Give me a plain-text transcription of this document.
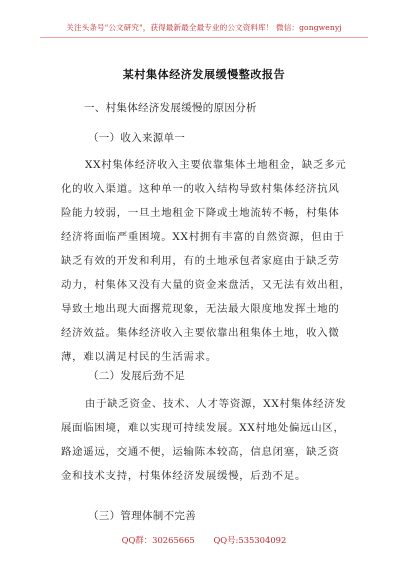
关注头条号"公文研究"，获得最新最全最专业的公文资料库！ 微信：gongwenyj
某村集体经济发展缓慢整改报告
一、村集体经济发展缓慢的原因分析
（一）收入来源单一
XX村集体经济收入主要依靠集体土地租金，缺乏多元
化的收入渠道。这种单一的收入结构导致村集体经济抗风
险能力较弱，一旦土地租金下降或土地流转不畅，村集体
经济将面临严重困境。XX村拥有丰富的自然资源，但由于
缺乏有效的开发和利用，有的土地承包者家庭由于缺乏劳
动力，村集体又没有大量的资金来盘活，又无法有效出租，
导致土地出现大面撂荒现象，无法最大限度地发挥土地的
经济效益。集体经济收入主要依靠出租集体土地，收入微
薄，难以满足村民的生活需求。
（二）发展后劲不足
由于缺乏资金、技术、人才等资源，XX村集体经济发
展面临困境，难以实现可持续发展。XX村地处偏远山区，
路途遥远，交通不便，运输陈本较高，信息闭塞，缺乏资
金和技术支持，村集体经济发展缓慢，后劲不足。
（三）管理体制不完善
QQ群：30265665 QQ号:535304092
